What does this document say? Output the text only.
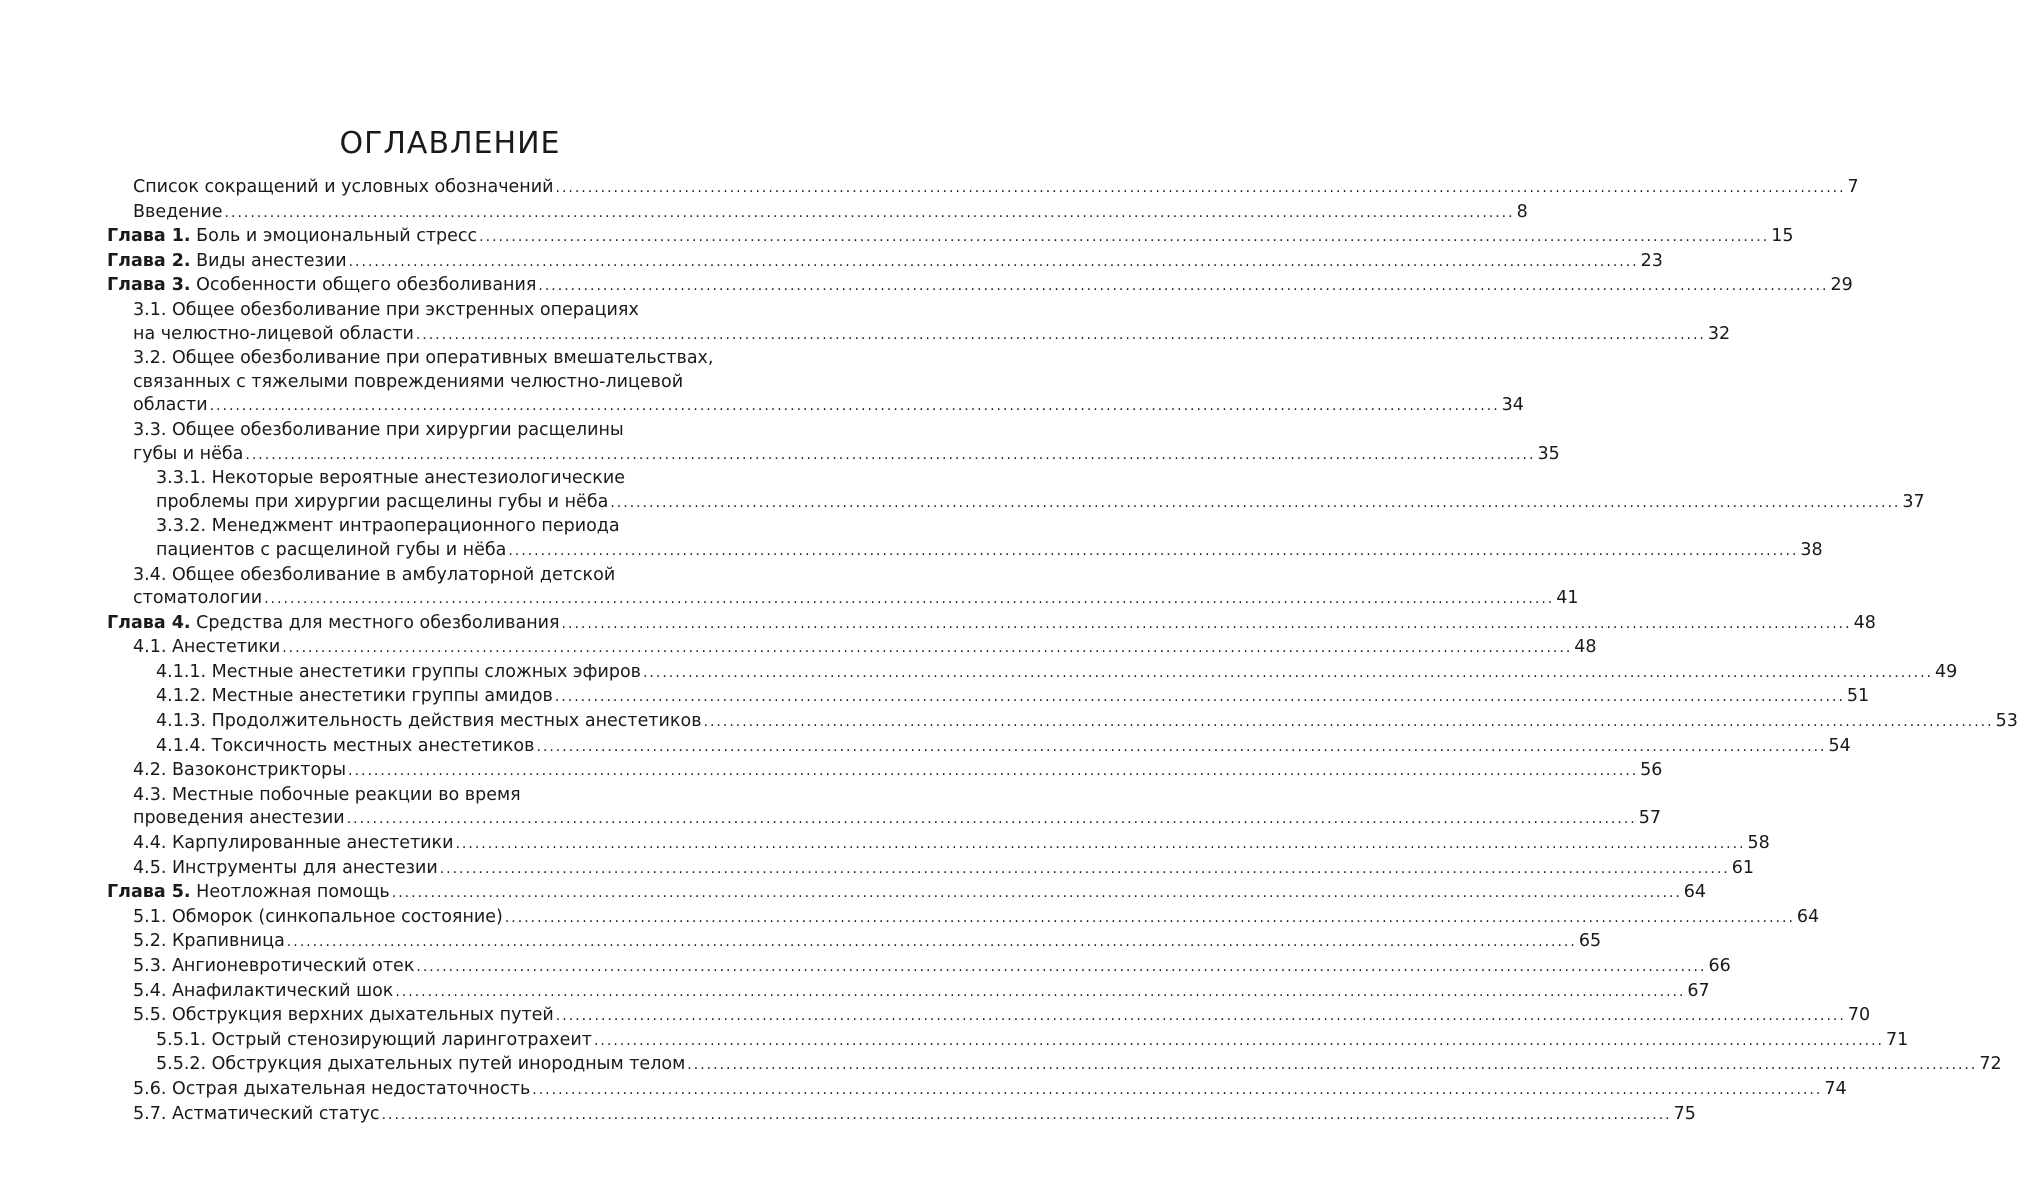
ОГЛАВЛЕНИЕ
Список сокращений и условных обозначений ........................................................................................................................................................................................................ 7
Введение ........................................................................................................................................................................................................ 8
Глава 1. Боль и эмоциональный стресс ........................................................................................................................................................................................................ 15
Глава 2. Виды анестезии ........................................................................................................................................................................................................ 23
Глава 3. Особенности общего обезболивания ........................................................................................................................................................................................................ 29
3.1. Общее обезболивание при экстренных операциях
на челюстно-лицевой области ........................................................................................................................................................................................................ 32
3.2. Общее обезболивание при оперативных вмешательствах,
связанных с тяжелыми повреждениями челюстно-лицевой
области ........................................................................................................................................................................................................ 34
3.3. Общее обезболивание при хирургии расщелины
губы и нёба ........................................................................................................................................................................................................ 35
3.3.1. Некоторые вероятные анестезиологические
проблемы при хирургии расщелины губы и нёба ........................................................................................................................................................................................................ 37
3.3.2. Менеджмент интраоперационного периода
пациентов с расщелиной губы и нёба ........................................................................................................................................................................................................ 38
3.4. Общее обезболивание в амбулаторной детской
стоматологии ........................................................................................................................................................................................................ 41
Глава 4. Средства для местного обезболивания ........................................................................................................................................................................................................ 48
4.1. Анестетики ........................................................................................................................................................................................................ 48
4.1.1. Местные анестетики группы сложных эфиров ........................................................................................................................................................................................................ 49
4.1.2. Местные анестетики группы амидов ........................................................................................................................................................................................................ 51
4.1.3. Продолжительность действия местных анестетиков ........................................................................................................................................................................................................ 53
4.1.4. Токсичность местных анестетиков ........................................................................................................................................................................................................ 54
4.2. Вазоконстрикторы ........................................................................................................................................................................................................ 56
4.3. Местные побочные реакции во время
проведения анестезии ........................................................................................................................................................................................................ 57
4.4. Карпулированные анестетики ........................................................................................................................................................................................................ 58
4.5. Инструменты для анестезии ........................................................................................................................................................................................................ 61
Глава 5. Неотложная помощь ........................................................................................................................................................................................................ 64
5.1. Обморок (синкопальное состояние) ........................................................................................................................................................................................................ 64
5.2. Крапивница ........................................................................................................................................................................................................ 65
5.3. Ангионевротический отек ........................................................................................................................................................................................................ 66
5.4. Анафилактический шок ........................................................................................................................................................................................................ 67
5.5. Обструкция верхних дыхательных путей ........................................................................................................................................................................................................ 70
5.5.1. Острый стенозирующий ларинготрахеит ........................................................................................................................................................................................................ 71
5.5.2. Обструкция дыхательных путей инородным телом ........................................................................................................................................................................................................ 72
5.6. Острая дыхательная недостаточность ........................................................................................................................................................................................................ 74
5.7. Астматический статус ........................................................................................................................................................................................................ 75
